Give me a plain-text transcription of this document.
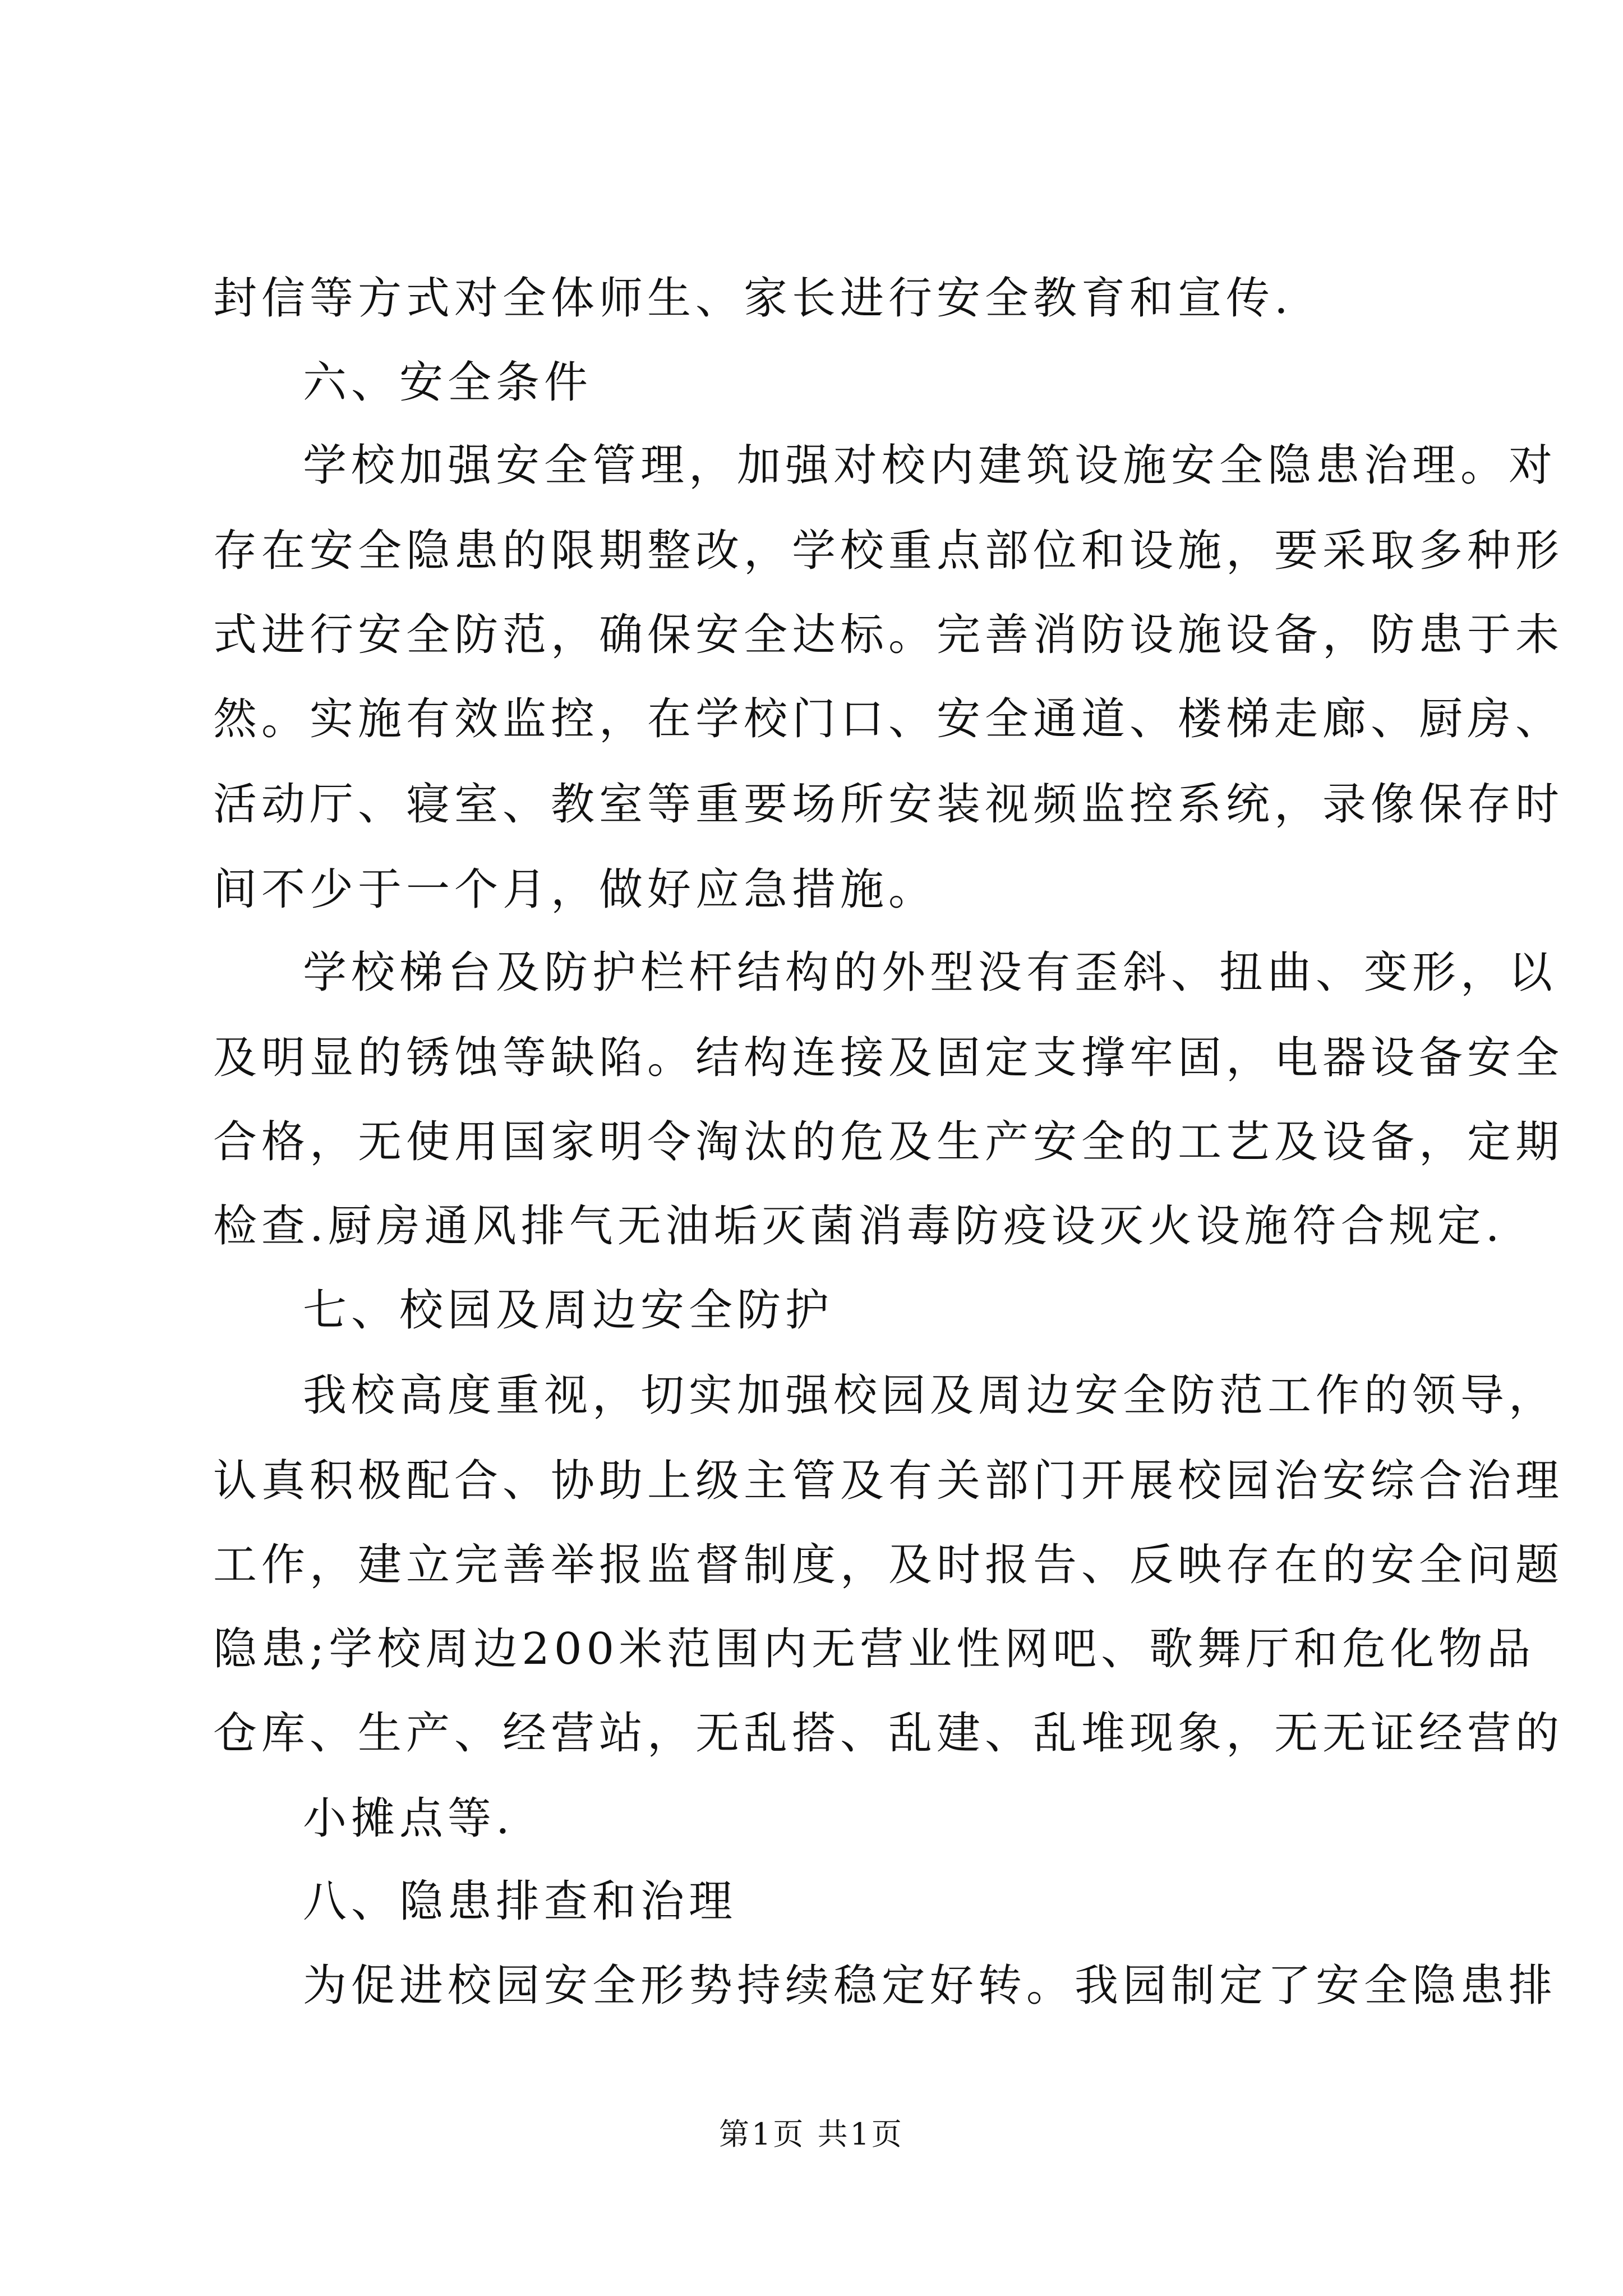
封信等方式对全体师生、家长进行安全教育和宣传.
六、安全条件
学校加强安全管理，加强对校内建筑设施安全隐患治理。对
存在安全隐患的限期整改，学校重点部位和设施，要采取多种形
式进行安全防范，确保安全达标。完善消防设施设备，防患于未
然。实施有效监控，在学校门口、安全通道、楼梯走廊、厨房、
活动厅、寝室、教室等重要场所安装视频监控系统，录像保存时
间不少于一个月，做好应急措施。
学校梯台及防护栏杆结构的外型没有歪斜、扭曲、变形，以
及明显的锈蚀等缺陷。结构连接及固定支撑牢固，电器设备安全
合格，无使用国家明令淘汰的危及生产安全的工艺及设备，定期
检查.厨房通风排气无油垢灭菌消毒防疫设灭火设施符合规定.
七、校园及周边安全防护
我校高度重视，切实加强校园及周边安全防范工作的领导，
认真积极配合、协助上级主管及有关部门开展校园治安综合治理
工作，建立完善举报监督制度，及时报告、反映存在的安全问题
隐患;学校周边200米范围内无营业性网吧、歌舞厅和危化物品
仓库、生产、经营站，无乱搭、乱建、乱堆现象，无无证经营的
小摊点等.
八、隐患排查和治理
为促进校园安全形势持续稳定好转。我园制定了安全隐患排
第1页 共1页
